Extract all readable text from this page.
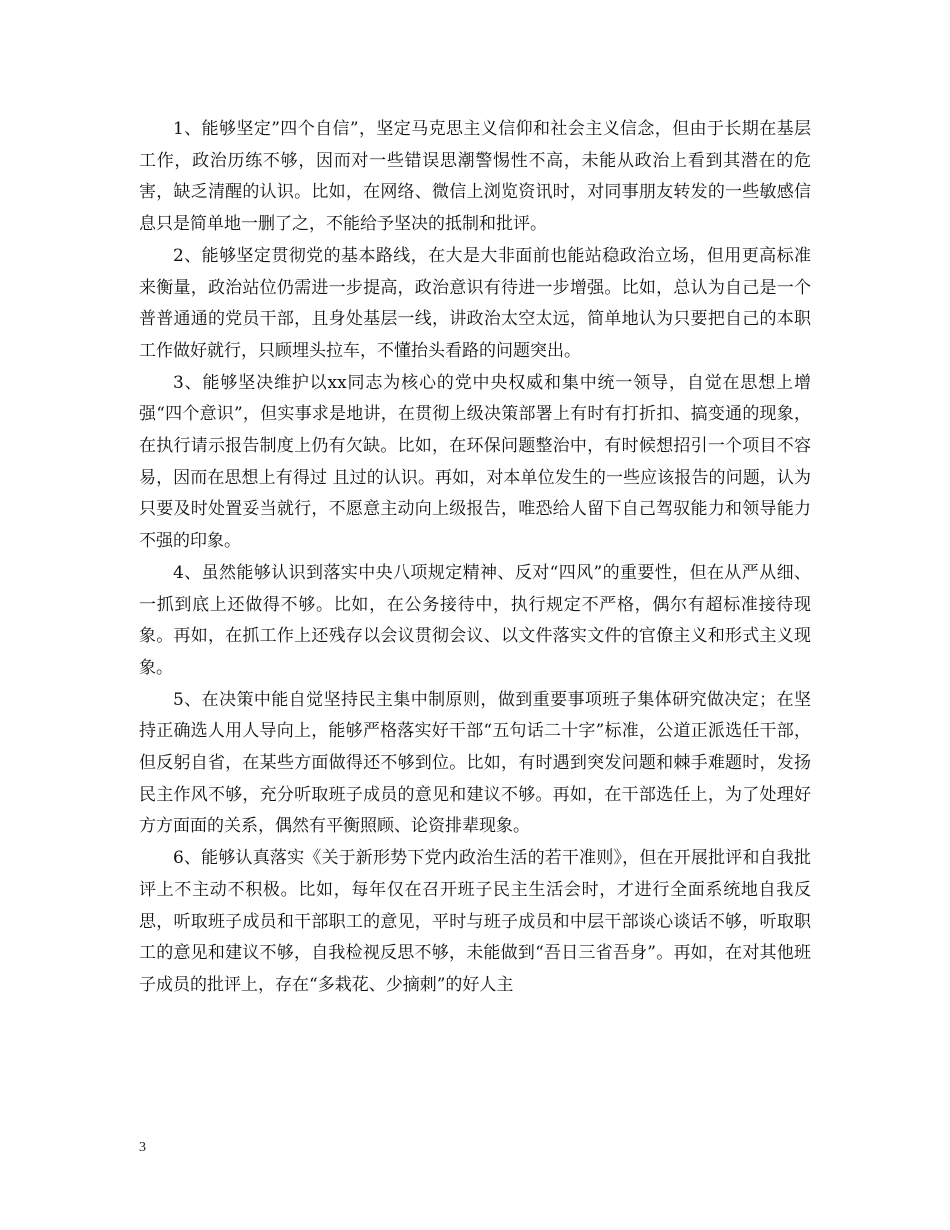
1、能够坚定”四个自信”，坚定马克思主义信仰和社会主义信念，但由于长期在基层工作，政治历练不够，因而对一些错误思潮警惕性不高，未能从政治上看到其潜在的危害，缺乏清醒的认识。比如，在网络、微信上浏览资讯时，对同事朋友转发的一些敏感信息只是简单地一删了之，不能给予坚决的抵制和批评。

2、能够坚定贯彻党的基本路线，在大是大非面前也能站稳政治立场，但用更高标准来衡量，政治站位仍需进一步提高，政治意识有待进一步增强。比如，总认为自己是一个普普通通的党员干部，且身处基层一线，讲政治太空太远，简单地认为只要把自己的本职工作做好就行，只顾埋头拉车，不懂抬头看路的问题突出。

3、能够坚决维护以xx同志为核心的党中央权威和集中统一领导，自觉在思想上增强“四个意识”，但实事求是地讲，在贯彻上级决策部署上有时有打折扣、搞变通的现象，在执行请示报告制度上仍有欠缺。比如，在环保问题整治中，有时候想招引一个项目不容易，因而在思想上有得过 且过的认识。再如，对本单位发生的一些应该报告的问题，认为只要及时处置妥当就行，不愿意主动向上级报告，唯恐给人留下自己驾驭能力和领导能力不强的印象。

4、虽然能够认识到落实中央八项规定精神、反对“四风”的重要性，但在从严从细、一抓到底上还做得不够。比如，在公务接待中，执行规定不严格，偶尔有超标准接待现象。再如，在抓工作上还残存以会议贯彻会议、以文件落实文件的官僚主义和形式主义现象。

5、在决策中能自觉坚持民主集中制原则，做到重要事项班子集体研究做决定；在坚持正确选人用人导向上，能够严格落实好干部“五句话二十字”标准，公道正派选任干部，但反躬自省，在某些方面做得还不够到位。比如，有时遇到突发问题和棘手难题时，发扬民主作风不够，充分听取班子成员的意见和建议不够。再如，在干部选任上，为了处理好方方面面的关系，偶然有平衡照顾、论资排辈现象。

6、能够认真落实《关于新形势下党内政治生活的若干准则》，但在开展批评和自我批评上不主动不积极。比如，每年仅在召开班子民主生活会时，才进行全面系统地自我反思，听取班子成员和干部职工的意见，平时与班子成员和中层干部谈心谈话不够，听取职工的意见和建议不够，自我检视反思不够，未能做到“吾日三省吾身”。再如，在对其他班子成员的批评上，存在“多栽花、少摘刺”的好人主

3
